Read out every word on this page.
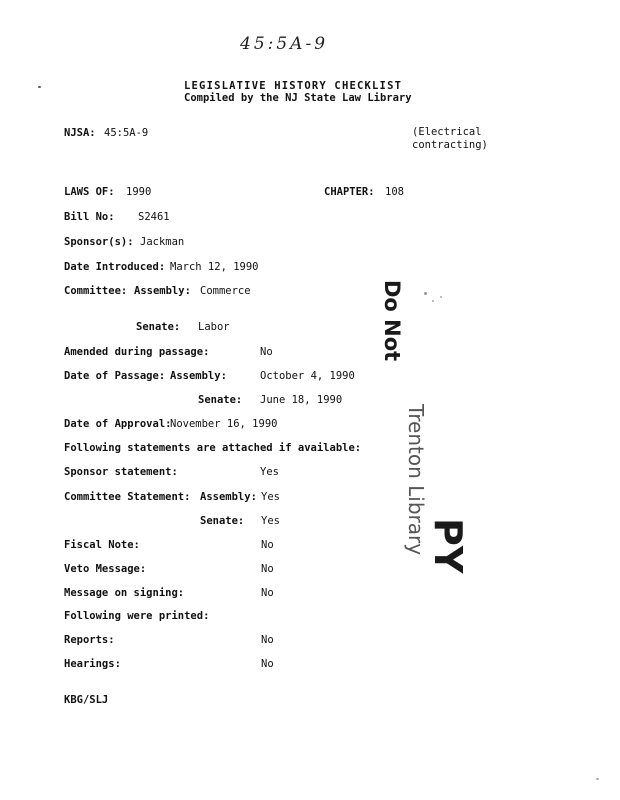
45:5A-9
LEGISLATIVE HISTORY CHECKLIST
Compiled by the NJ State Law Library
NJSA: 45:5A-9	(Electrical
contracting)
LAWS OF: 1990	CHAPTER: 108
Bill No: S2461
Sponsor(s): Jackman
Date Introduced: March 12, 1990
Committee: Assembly: Commerce
Senate: Labor
Amended during passage:	No
Date of Passage: Assembly:	October 4, 1990
Senate: June 18, 1990
Date of Approval:
November 16, 1990
Following statements are attached if available:
Sponsor statement:	Yes
Committee Statement: Assembly: Yes
Senate: Yes
Fiscal Note:	No
Veto Message:	No
Message on signing:	No
Following were printed:
Reports:	No
Hearings:	No
KBG/SLJ
Do Not
Trenton Library
PY
